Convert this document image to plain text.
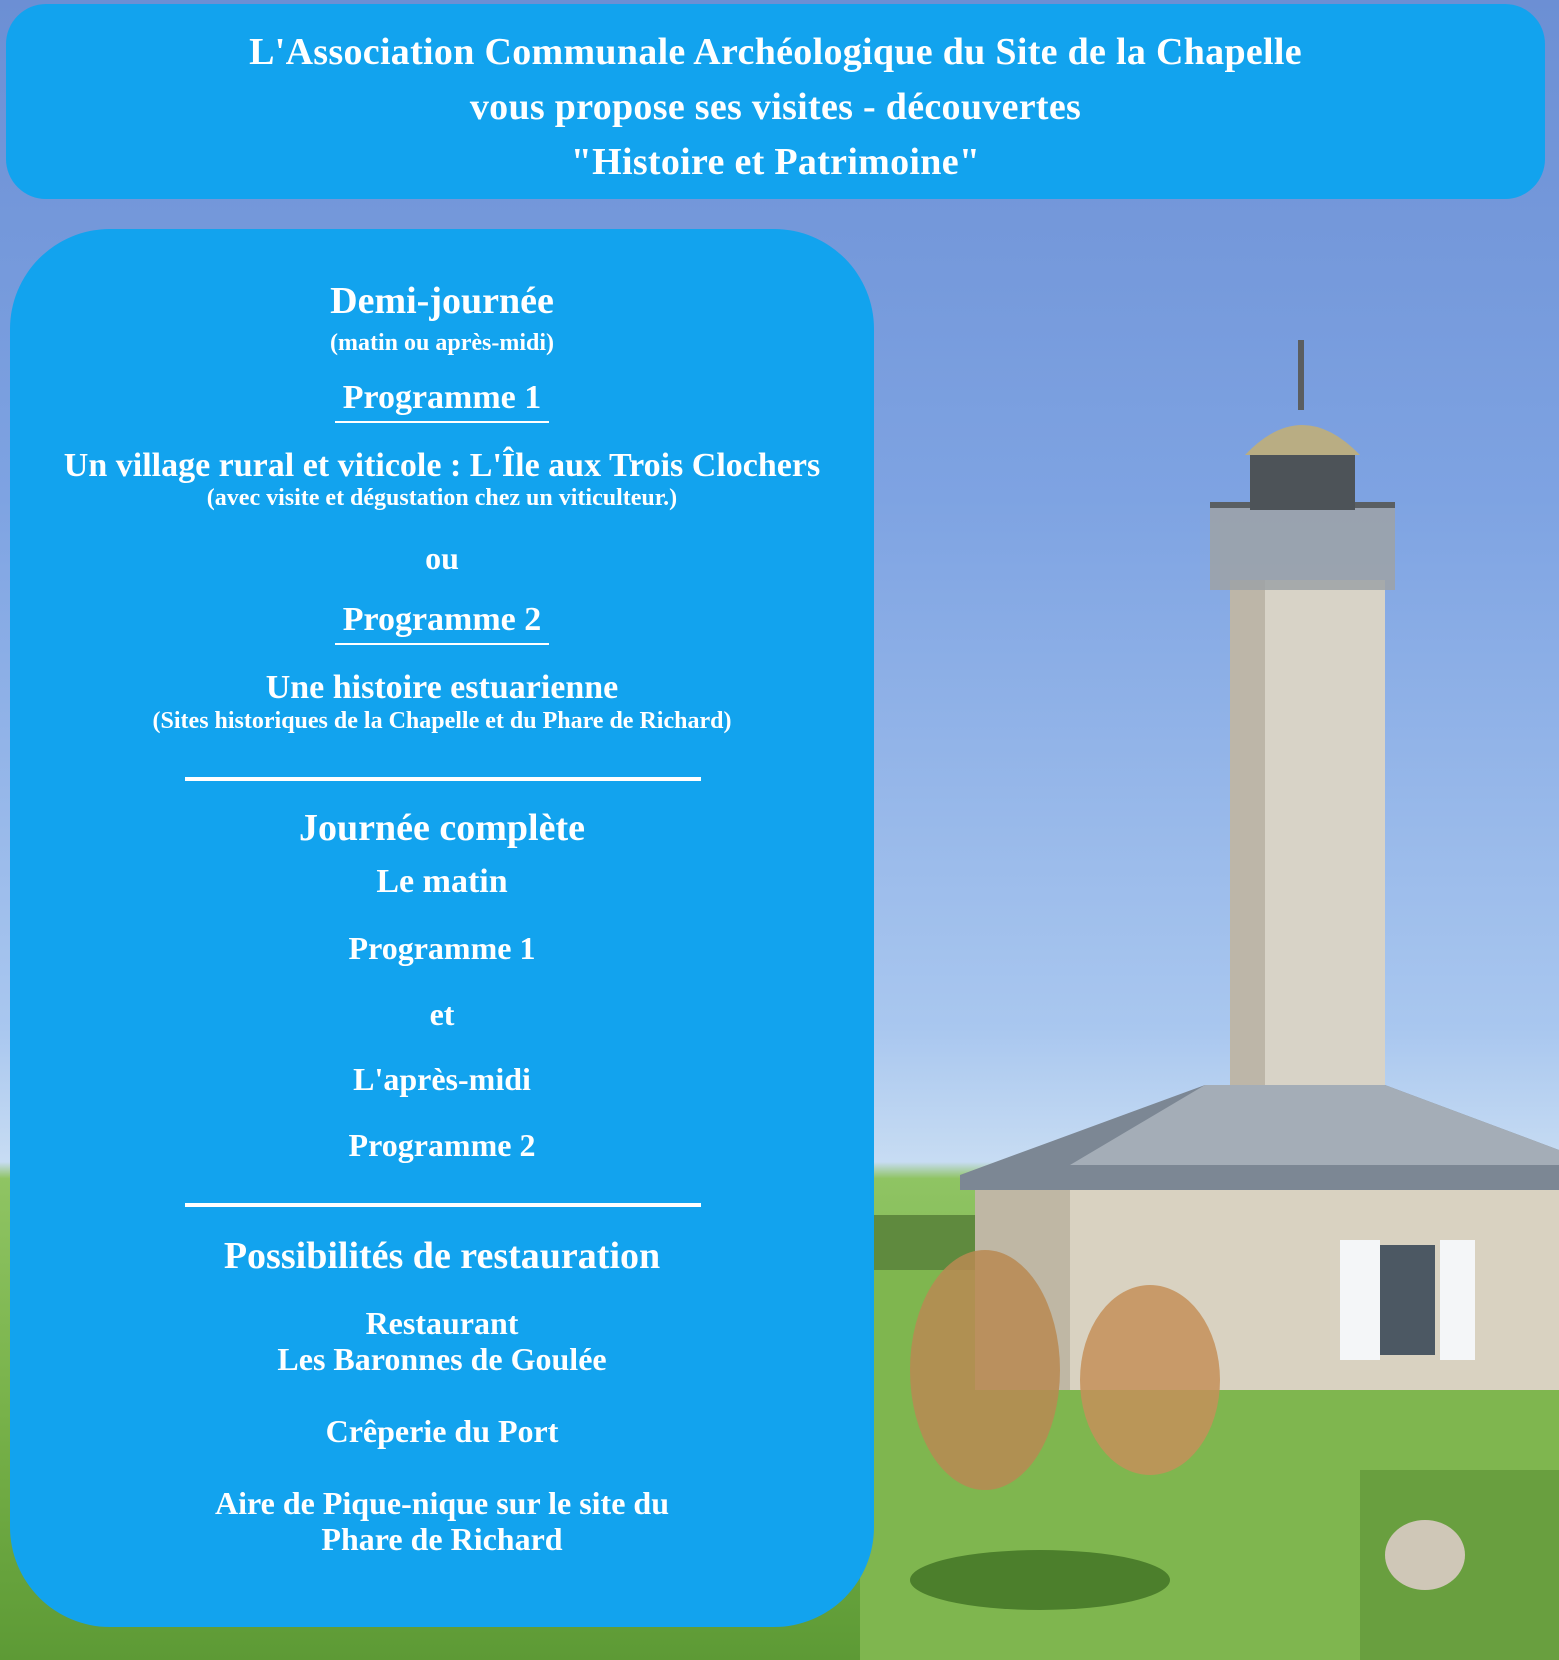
L'Association Communale Archéologique du Site de la Chapelle
vous propose ses visites - découvertes
"Histoire et Patrimoine"
Demi-journée
(matin ou après-midi)
Programme 1
Un village rural et viticole : L'Île aux Trois Clochers
(avec visite et dégustation chez un viticulteur.)
ou
Programme 2
Une histoire estuarienne
(Sites historiques de la Chapelle et du Phare de Richard)
Journée complète
Le matin
Programme 1
et
L'après-midi
Programme 2
Possibilités de restauration
Restaurant
Les Baronnes de Goulée
Crêperie du Port
Aire de Pique-nique sur le site du
Phare de Richard
